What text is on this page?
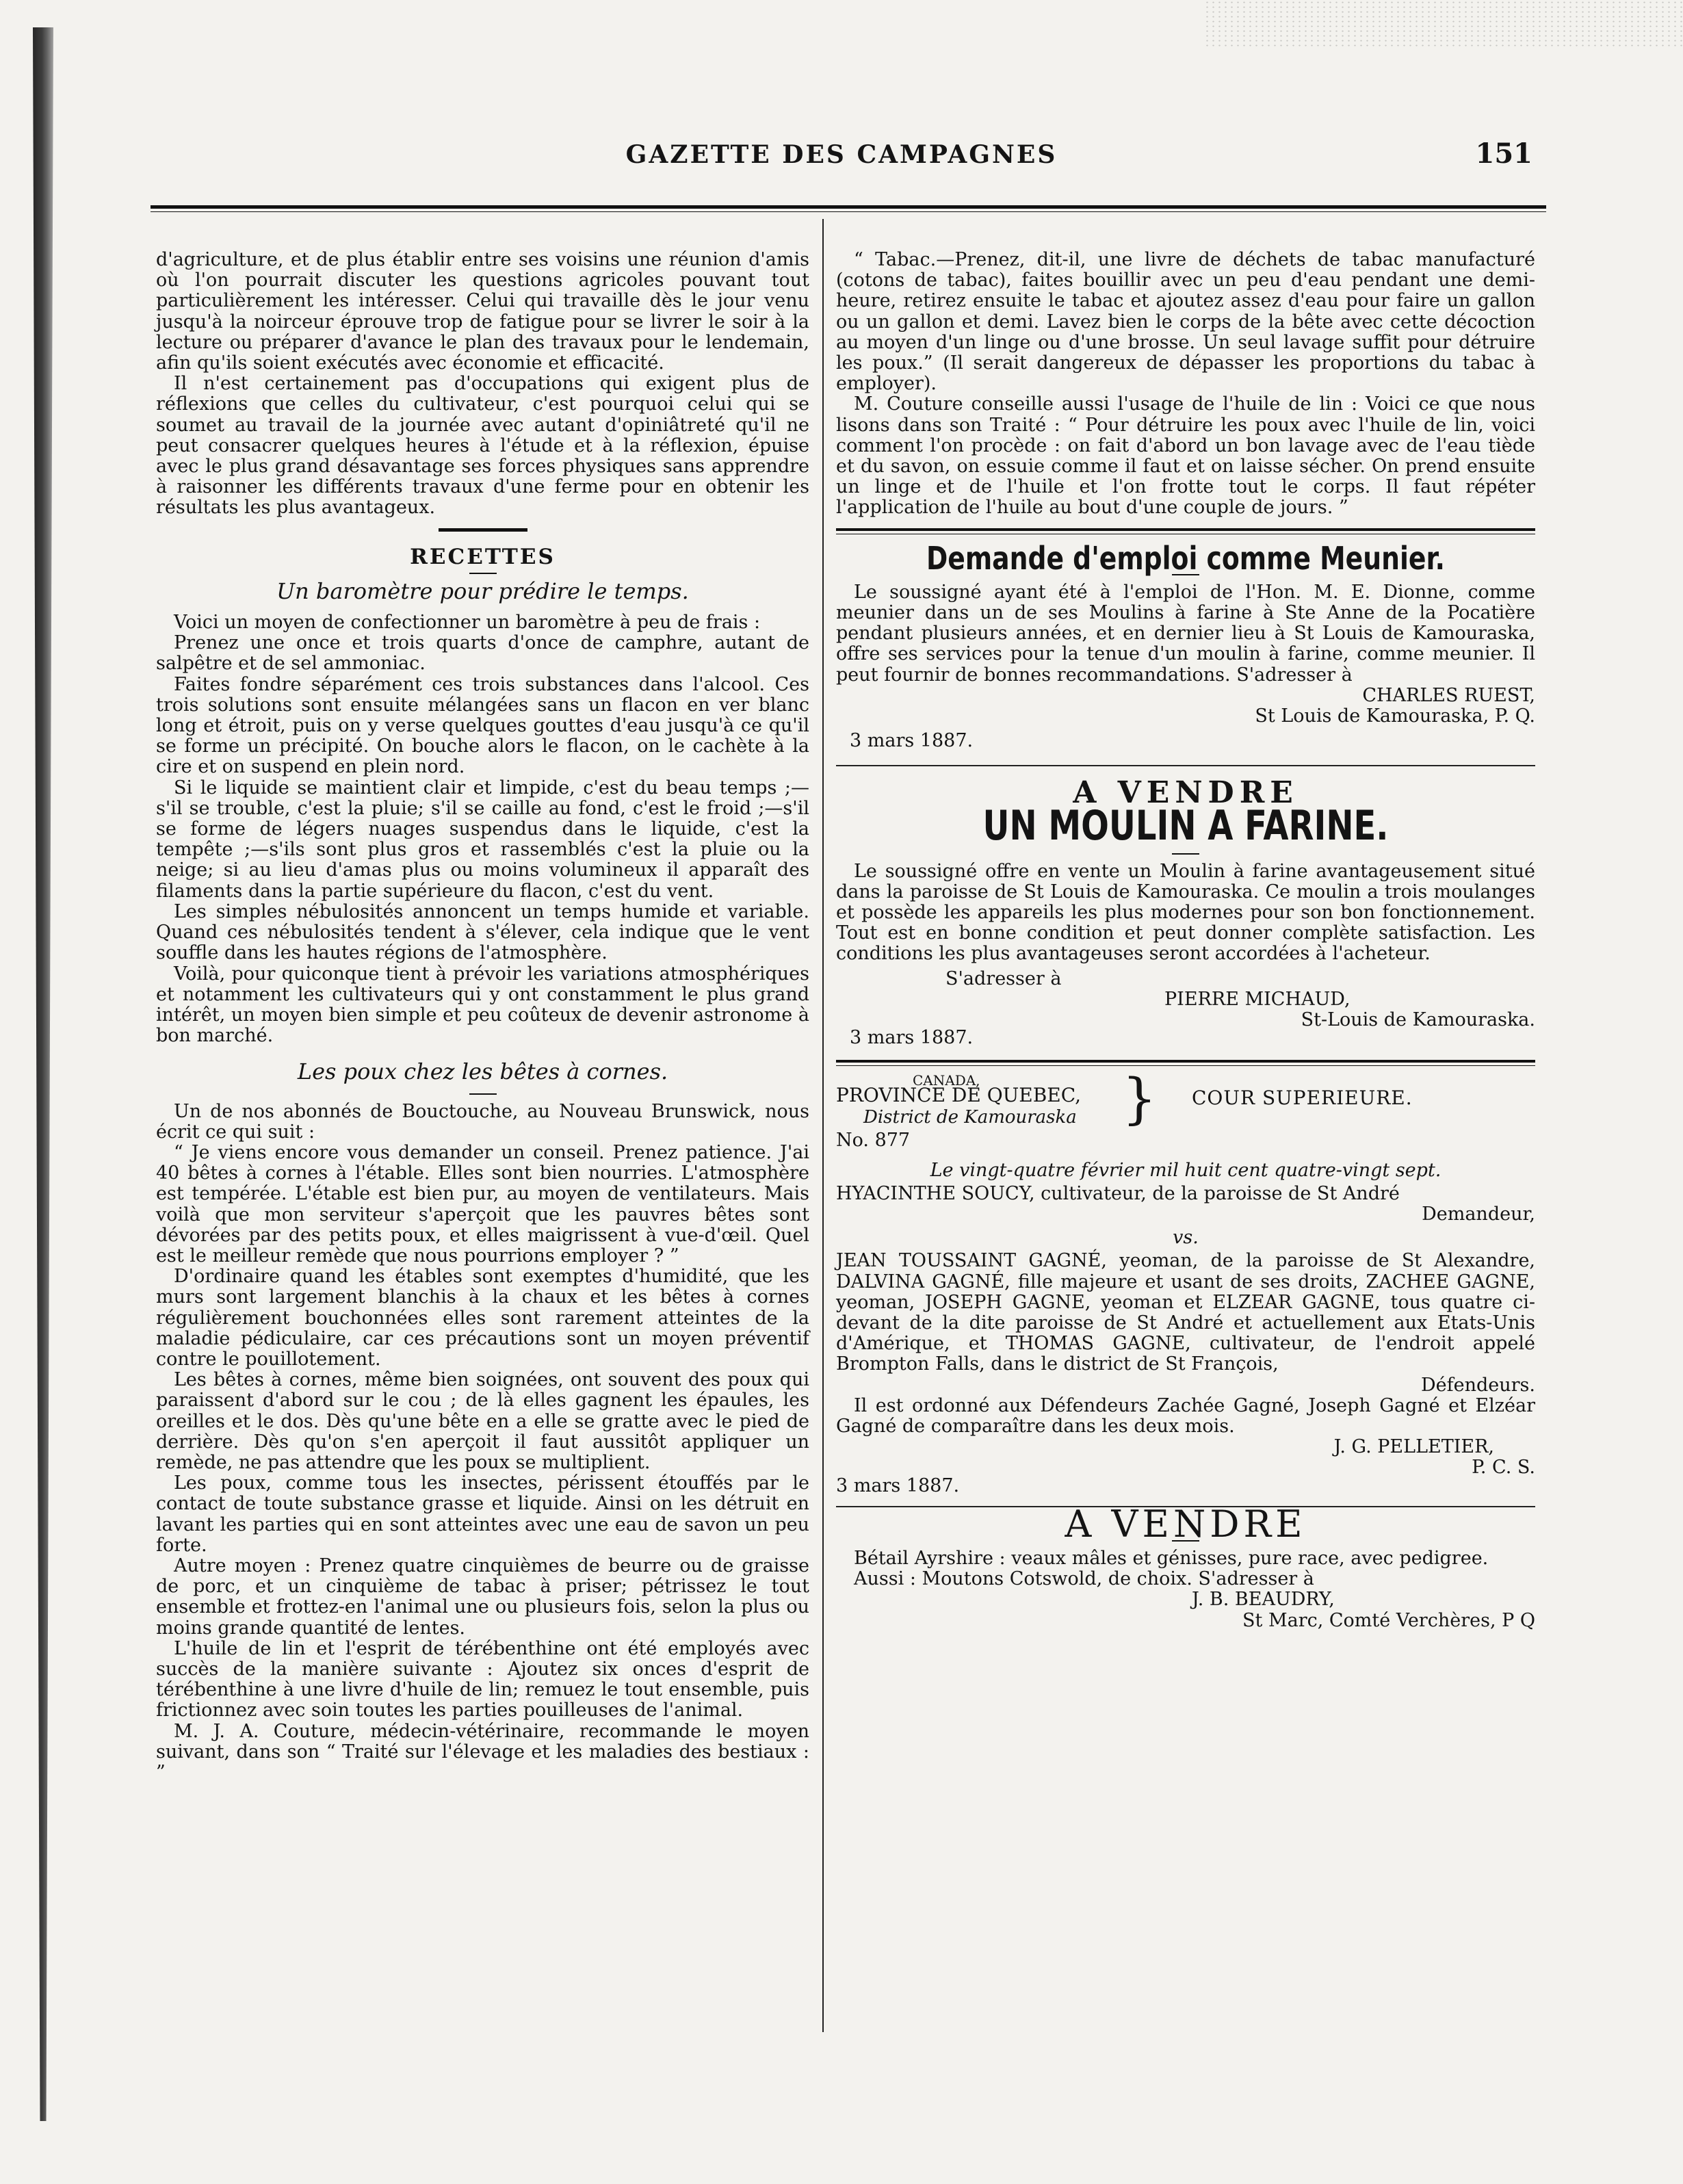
GAZETTE DES CAMPAGNES	151

d'agriculture, et de plus établir entre ses voisins une réunion d'amis où l'on pourrait discuter les questions agricoles pouvant tout particulièrement les intéresser. Celui qui travaille dès le jour venu jusqu'à la noirceur éprouve trop de fatigue pour se livrer le soir à la lecture ou préparer d'avance le plan des travaux pour le lendemain, afin qu'ils soient exécutés avec économie et efficacité.

Il n'est certainement pas d'occupations qui exigent plus de réflexions que celles du cultivateur, c'est pourquoi celui qui se soumet au travail de la journée avec autant d'opiniâtreté qu'il ne peut consacrer quelques heures à l'étude et à la réflexion, épuise avec le plus grand désavantage ses forces physiques sans apprendre à raisonner les différents travaux d'une ferme pour en obtenir les résultats les plus avantageux.

RECETTES
Un baromètre pour prédire le temps.

Voici un moyen de confectionner un baromètre à peu de frais :

Prenez une once et trois quarts d'once de camphre, autant de salpêtre et de sel ammoniac.

Faites fondre séparément ces trois substances dans l'alcool. Ces trois solutions sont ensuite mélangées sans un flacon en ver blanc long et étroit, puis on y verse quelques gouttes d'eau jusqu'à ce qu'il se forme un précipité. On bouche alors le flacon, on le cachète à la cire et on suspend en plein nord.

Si le liquide se maintient clair et limpide, c'est du beau temps ;—s'il se trouble, c'est la pluie; s'il se caille au fond, c'est le froid ;—s'il se forme de légers nuages suspendus dans le liquide, c'est la tempête ;—s'ils sont plus gros et rassemblés c'est la pluie ou la neige; si au lieu d'amas plus ou moins volumineux il apparaît des filaments dans la partie supérieure du flacon, c'est du vent.

Les simples nébulosités annoncent un temps humide et variable. Quand ces nébulosités tendent à s'élever, cela indique que le vent souffle dans les hautes régions de l'atmosphère.

Voilà, pour quiconque tient à prévoir les variations atmosphériques et notamment les cultivateurs qui y ont constamment le plus grand intérêt, un moyen bien simple et peu coûteux de devenir astronome à bon marché.

Les poux chez les bêtes à cornes.

Un de nos abonnés de Bouctouche, au Nouveau Brunswick, nous écrit ce qui suit :

“ Je viens encore vous demander un conseil. Prenez patience. J'ai 40 bêtes à cornes à l'étable. Elles sont bien nourries. L'atmosphère est tempérée. L'étable est bien pur, au moyen de ventilateurs. Mais voilà que mon serviteur s'aperçoit que les pauvres bêtes sont dévorées par des petits poux, et elles maigrissent à vue-d'œil. Quel est le meilleur remède que nous pourrions employer ? ”

D'ordinaire quand les étables sont exemptes d'humidité, que les murs sont largement blanchis à la chaux et les bêtes à cornes régulièrement bouchonnées elles sont rarement atteintes de la maladie pédiculaire, car ces précautions sont un moyen préventif contre le pouillotement.

Les bêtes à cornes, même bien soignées, ont souvent des poux qui paraissent d'abord sur le cou ; de là elles gagnent les épaules, les oreilles et le dos. Dès qu'une bête en a elle se gratte avec le pied de derrière. Dès qu'on s'en aperçoit il faut aussitôt appliquer un remède, ne pas attendre que les poux se multiplient.

Les poux, comme tous les insectes, périssent étouffés par le contact de toute substance grasse et liquide. Ainsi on les détruit en lavant les parties qui en sont atteintes avec une eau de savon un peu forte.

Autre moyen : Prenez quatre cinquièmes de beurre ou de graisse de porc, et un cinquième de tabac à priser; pétrissez le tout ensemble et frottez-en l'animal une ou plusieurs fois, selon la plus ou moins grande quantité de lentes.

L'huile de lin et l'esprit de térébenthine ont été employés avec succès de la manière suivante : Ajoutez six onces d'esprit de térébenthine à une livre d'huile de lin; remuez le tout ensemble, puis frictionnez avec soin toutes les parties pouilleuses de l'animal.

M. J. A. Couture, médecin-vétérinaire, recommande le moyen suivant, dans son “ Traité sur l'élevage et les maladies des bestiaux : ”

“ Tabac.—Prenez, dit-il, une livre de déchets de tabac manufacturé (cotons de tabac), faites bouillir avec un peu d'eau pendant une demi-heure, retirez ensuite le tabac et ajoutez assez d'eau pour faire un gallon ou un gallon et demi. Lavez bien le corps de la bête avec cette décoction au moyen d'un linge ou d'une brosse. Un seul lavage suffit pour détruire les poux.” (Il serait dangereux de dépasser les proportions du tabac à employer).

M. Couture conseille aussi l'usage de l'huile de lin : Voici ce que nous lisons dans son Traité : “ Pour détruire les poux avec l'huile de lin, voici comment l'on procède : on fait d'abord un bon lavage avec de l'eau tiède et du savon, on essuie comme il faut et on laisse sécher. On prend ensuite un linge et de l'huile et l'on frotte tout le corps. Il faut répéter l'application de l'huile au bout d'une couple de jours. ”

Demande d'emploi comme Meunier.

Le soussigné ayant été à l'emploi de l'Hon. M. E. Dionne, comme meunier dans un de ses Moulins à farine à Ste Anne de la Pocatière pendant plusieurs années, et en dernier lieu à St Louis de Kamouraska, offre ses services pour la tenue d'un moulin à farine, comme meunier. Il peut fournir de bonnes recommandations. S'adresser à

CHARLES RUEST,
St Louis de Kamouraska, P. Q.
3 mars 1887.
A VENDRE
UN MOULIN A FARINE.

Le soussigné offre en vente un Moulin à farine avantageusement situé dans la paroisse de St Louis de Kamouraska. Ce moulin a trois moulanges et possède les appareils les plus modernes pour son bon fonctionnement. Tout est en bonne condition et peut donner complète satisfaction. Les conditions les plus avantageuses seront accordées à l'acheteur.

S'adresser à
PIERRE MICHAUD,
St-Louis de Kamouraska.
3 mars 1887.
CANADA,
PROVINCE DE QUEBEC,
District de Kamouraska } COUR SUPERIEURE.
No. 877
Le vingt-quatre février mil huit cent quatre-vingt sept.

HYACINTHE SOUCY, cultivateur, de la paroisse de St André

Demandeur,
vs.

JEAN TOUSSAINT GAGNÉ, yeoman, de la paroisse de St Alexandre, DALVINA GAGNÉ, fille majeure et usant de ses droits, ZACHEE GAGNE, yeoman, JOSEPH GAGNE, yeoman et ELZEAR GAGNE, tous quatre ci-devant de la dite paroisse de St André et actuellement aux Etats-Unis d'Amérique, et THOMAS GAGNE, cultivateur, de l'endroit appelé Brompton Falls, dans le district de St François,

Défendeurs.

Il est ordonné aux Défendeurs Zachée Gagné, Joseph Gagné et Elzéar Gagné de comparaître dans les deux mois.

J. G. PELLETIER,
P. C. S.
3 mars 1887.
A VENDRE

Bétail Ayrshire : veaux mâles et génisses, pure race, avec pedigree.

Aussi : Moutons Cotswold, de choix. S'adresser à

J. B. BEAUDRY,
St Marc, Comté Verchères, P Q
